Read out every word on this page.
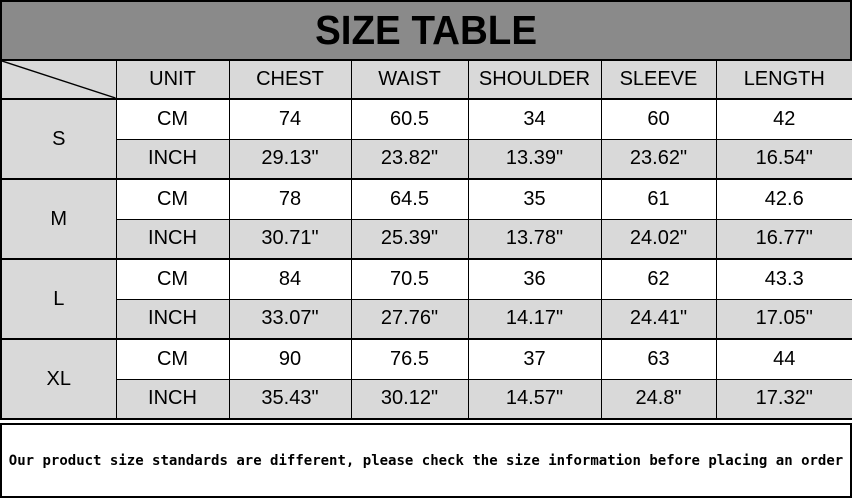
SIZE TABLE
	UNIT	CHEST	WAIST	SHOULDER	SLEEVE	LENGTH
S	CM	74	60.5	34	60	42
	INCH	29.13"	23.82"	13.39"	23.62"	16.54"
M	CM	78	64.5	35	61	42.6
	INCH	30.71"	25.39"	13.78"	24.02"	16.77"
L	CM	84	70.5	36	62	43.3
	INCH	33.07"	27.76"	14.17"	24.41"	17.05"
XL	CM	90	76.5	37	63	44
	INCH	35.43"	30.12"	14.57"	24.8"	17.32"
Our product size standards are different, please check the size information before placing an order
